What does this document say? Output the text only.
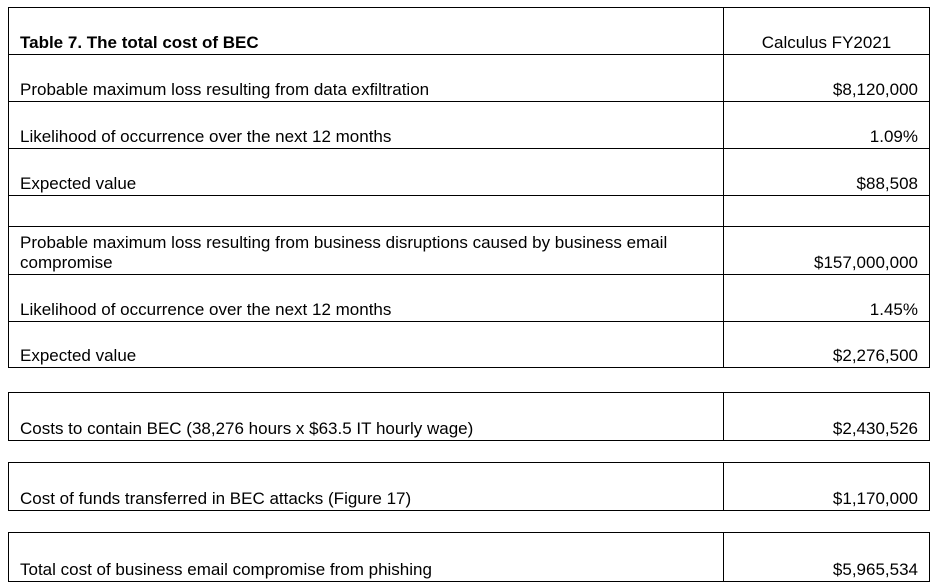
Table 7. The total cost of BEC	Calculus FY2021
Probable maximum loss resulting from data exfiltration	$8,120,000
Likelihood of occurrence over the next 12 months	1.09%
Expected value	$88,508

Probable maximum loss resulting from business disruptions caused by business email compromise	$157,000,000
Likelihood of occurrence over the next 12 months	1.45%
Expected value	$2,276,500
Costs to contain BEC (38,276 hours x $63.5 IT hourly wage)	$2,430,526
Cost of funds transferred in BEC attacks (Figure 17)	$1,170,000
Total cost of business email compromise from phishing	$5,965,534
